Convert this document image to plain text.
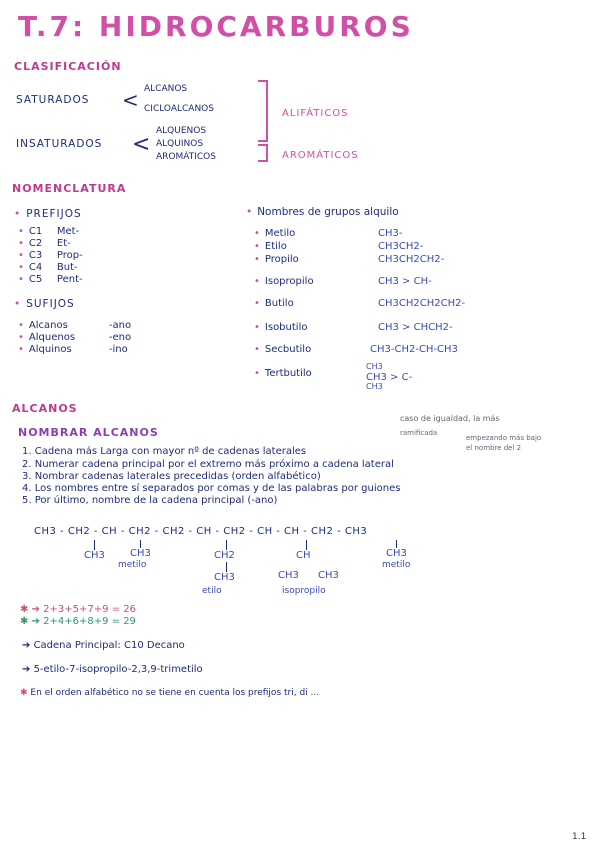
T.7: HIDROCARBUROS
CLASIFICACIÓN
SATURADOS < ALCANOS
CICLOALCANOS
INSATURADOS <
ALQUENOS
ALQUINOS
AROMÁTICOS
ALIFÁTICOS
AROMÁTICOS
NOMENCLATURA
• PREFIJOS
• C1 Met-
• C2 Et-
• C3 Prop-
• C4 But-
• C5 Pent-
• SUFIJOS
• Alcanos	-ano
• Alquenos	-eno
• Alquinos	-ino
• Nombres de grupos alquilo
• Metilo	CH3-
• Etilo	CH3CH2-
• Propilo	CH3CH2CH2-
• Isopropilo	CH3 > CH-
• Butilo	CH3CH2CH2CH2-
• Isobutilo	CH3 > CHCH2-
• Secbutilo	CH3-CH2-CH-CH3
• Tertbutilo
CH3
CH3 > C-
CH3
ALCANOS
NOMBRAR ALCANOS
caso de igualdad, la más
ramificada
empezando más bajo
el nombre del 2
1. Cadena más Larga con mayor nº de cadenas laterales
2. Numerar cadena principal por el extremo más próximo a cadena lateral
3. Nombrar cadenas laterales precedidas (orden alfabético)
4. Los nombres entre sí separados por comas y de las palabras por guiones
5. Por último, nombre de la cadena principal (-ano)
CH3 - CH2 - CH - CH2 - CH2 - CH - CH2 - CH - CH - CH2 - CH3
CH3	CH3
metilo
CH2
CH3
etilo
CH
CH3 CH3
isopropilo
CH3
metilo
✱ ➔ 2+3+5+7+9 = 26
✱ ➔ 2+4+6+8+9 = 29
➔ Cadena Principal: C10 Decano
➔ 5-etilo-7-isopropilo-2,3,9-trimetilo
✱ En el orden alfabético no se tiene en cuenta los prefijos tri, di ...
1.1
